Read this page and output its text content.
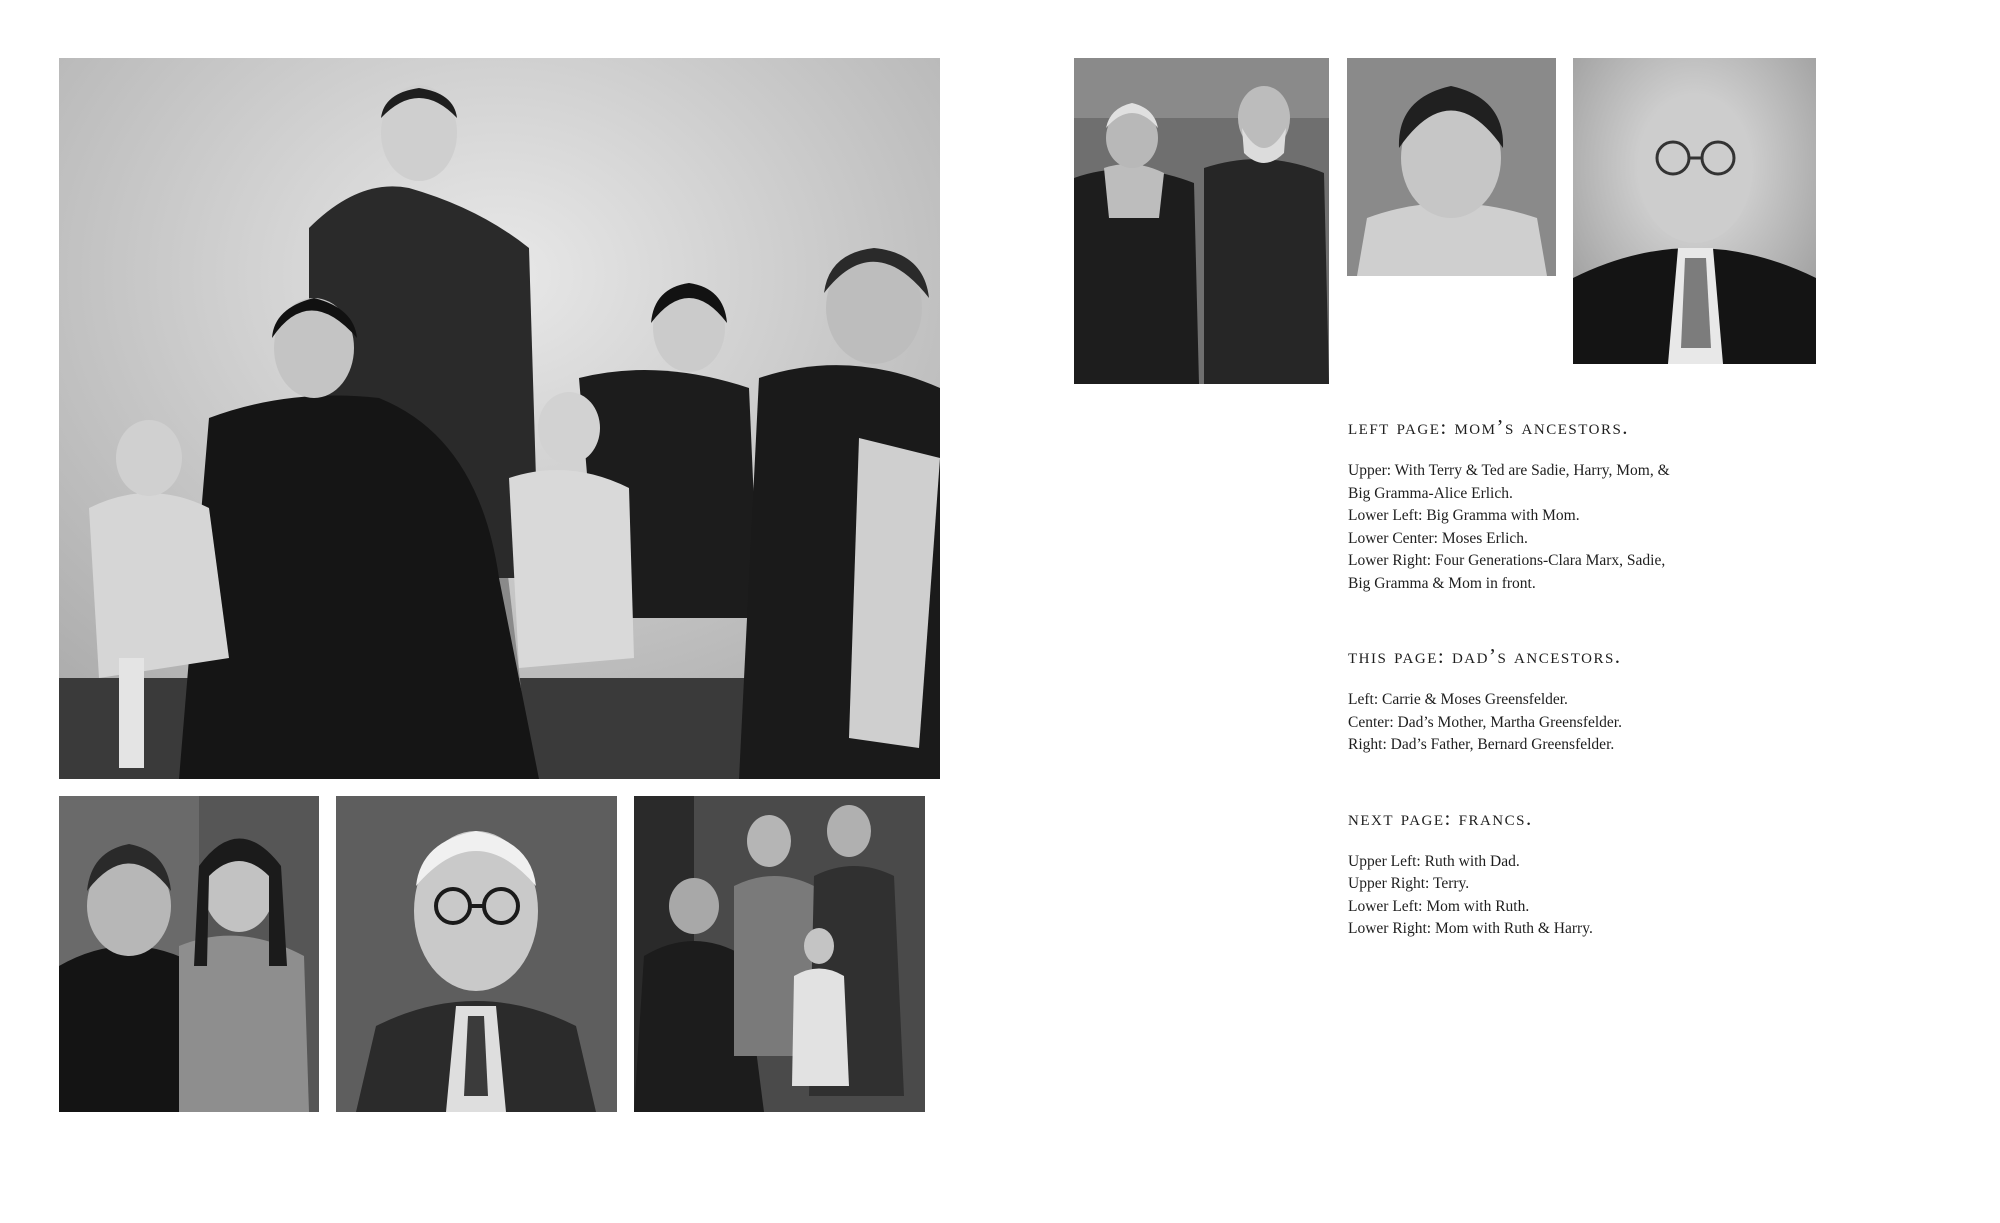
left page: mom’s ancestors.
Upper: With Terry & Ted are Sadie, Harry, Mom, &
Big Gramma-Alice Erlich.
Lower Left: Big Gramma with Mom.
Lower Center: Moses Erlich.
Lower Right: Four Generations-Clara Marx, Sadie,
Big Gramma & Mom in front.
this page: dad’s ancestors.
Left: Carrie & Moses Greensfelder.
Center: Dad’s Mother, Martha Greensfelder.
Right: Dad’s Father, Bernard Greensfelder.
next page: francs.
Upper Left: Ruth with Dad.
Upper Right: Terry.
Lower Left: Mom with Ruth.
Lower Right: Mom with Ruth & Harry.
